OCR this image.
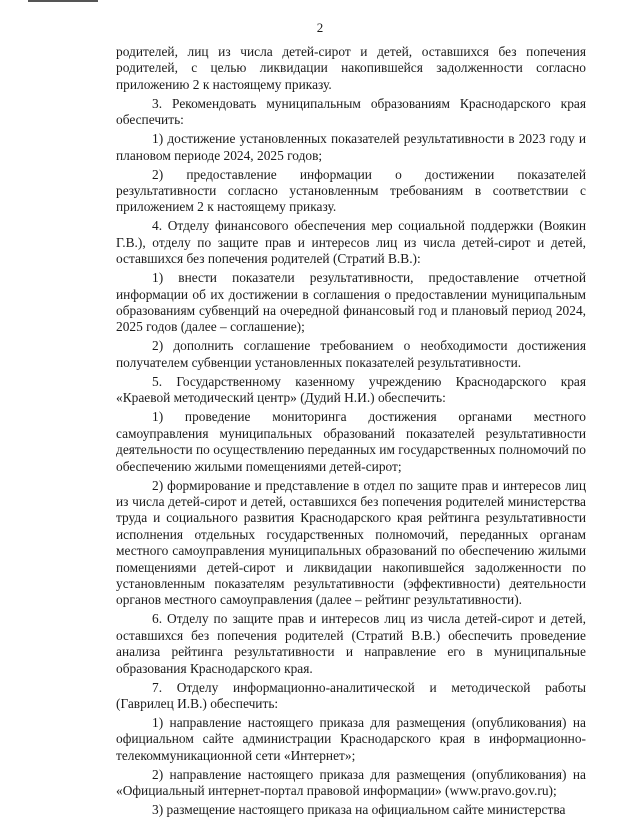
2

родителей, лиц из числа детей-сирот и детей, оставшихся без попечения родителей, с целью ликвидации накопившейся задолженности согласно приложению 2 к настоящему приказу.

3. Рекомендовать муниципальным образованиям Краснодарского края обеспечить:

1) достижение установленных показателей результативности в 2023 году и плановом периоде 2024, 2025 годов;

2) предоставление информации о достижении показателей результативности согласно установленным требованиям в соответствии с приложением 2 к настоящему приказу.

4. Отделу финансового обеспечения мер социальной поддержки (Воякин Г.В.), отделу по защите прав и интересов лиц из числа детей-сирот и детей, оставшихся без попечения родителей (Стратий В.В.):

1) внести показатели результативности, предоставление отчетной информации об их достижении в соглашения о предоставлении муниципальным образованиям субвенций на очередной финансовый год и плановый период 2024, 2025 годов (далее – соглашение);

2) дополнить соглашение требованием о необходимости достижения получателем субвенции установленных показателей результативности.

5. Государственному казенному учреждению Краснодарского края «Краевой методический центр» (Дудий Н.И.) обеспечить:

1) проведение мониторинга достижения органами местного самоуправления муниципальных образований показателей результативности деятельности по осуществлению переданных им государственных полномочий по обеспечению жилыми помещениями детей-сирот;

2) формирование и представление в отдел по защите прав и интересов лиц из числа детей-сирот и детей, оставшихся без попечения родителей министерства труда и социального развития Краснодарского края рейтинга результативности исполнения отдельных государственных полномочий, переданных органам местного самоуправления муниципальных образований по обеспечению жилыми помещениями детей-сирот и ликвидации накопившейся задолженности по установленным показателям результативности (эффективности) деятельности органов местного самоуправления (далее – рейтинг результативности).

6. Отделу по защите прав и интересов лиц из числа детей-сирот и детей, оставшихся без попечения родителей (Стратий В.В.) обеспечить проведение анализа рейтинга результативности и направление его в муниципальные образования Краснодарского края.

7. Отделу информационно-аналитической и методической работы (Гаврилец И.В.) обеспечить:

1) направление настоящего приказа для размещения (опубликования) на официальном сайте администрации Краснодарского края в информационно-телекоммуникационной сети «Интернет»;

2) направление настоящего приказа для размещения (опубликования) на «Официальный интернет-портал правовой информации» (www.pravo.gov.ru);

3) размещение настоящего приказа на официальном сайте министерства
